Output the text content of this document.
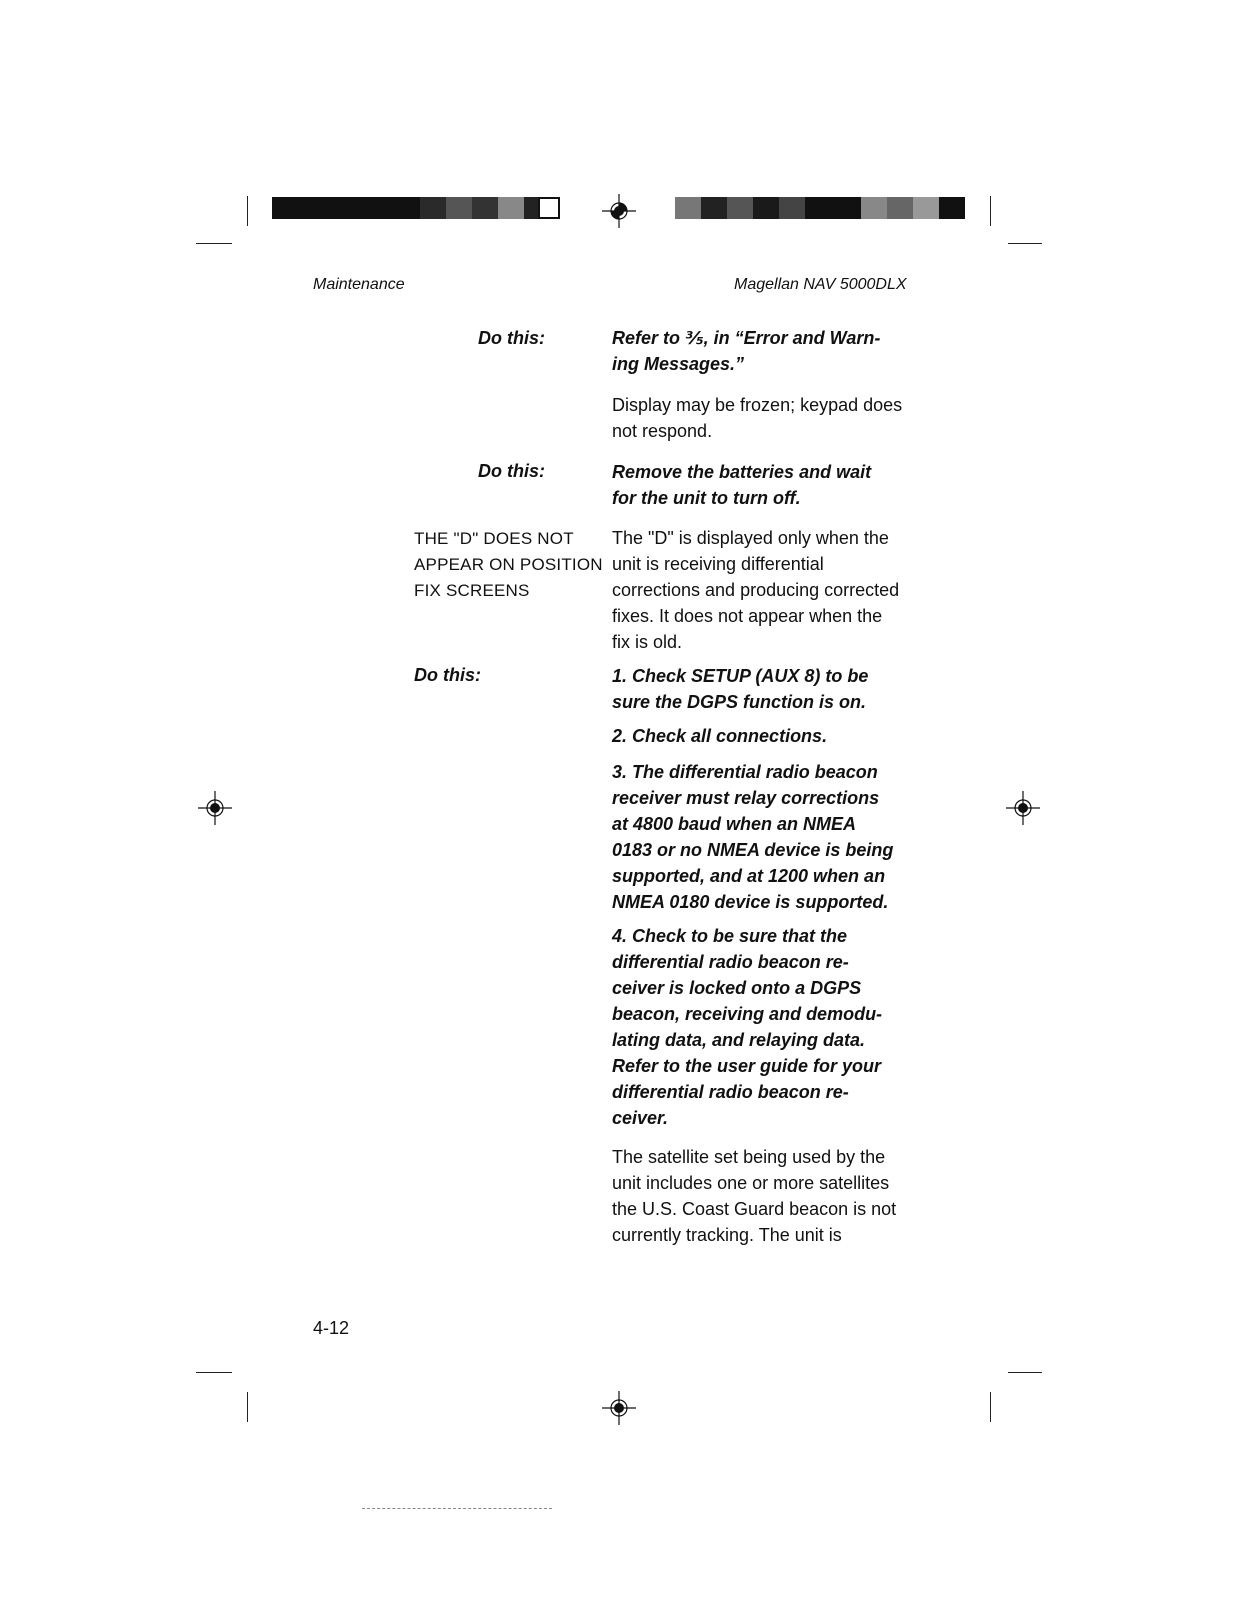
Maintenance	Magellan NAV 5000DLX
Do this:
Do this:
THE "D" DOES NOT
APPEAR ON POSITION
FIX SCREENS
Do this:
Refer to ⅗, in “Error and Warn-
ing Messages.”
Display may be frozen; keypad does
not respond.
Remove the batteries and wait
for the unit to turn off.
The "D" is displayed only when the
unit is receiving differential
corrections and producing corrected
fixes. It does not appear when the
fix is old.
1. Check SETUP (AUX 8) to be
sure the DGPS function is on.
2. Check all connections.
3. The differential radio beacon
receiver must relay corrections
at 4800 baud when an NMEA
0183 or no NMEA device is being
supported, and at 1200 when an
NMEA 0180 device is supported.
4. Check to be sure that the
differential radio beacon re-
ceiver is locked onto a DGPS
beacon, receiving and demodu-
lating data, and relaying data.
Refer to the user guide for your
differential radio beacon re-
ceiver.
The satellite set being used by the
unit includes one or more satellites
the U.S. Coast Guard beacon is not
currently tracking. The unit is
4-12
